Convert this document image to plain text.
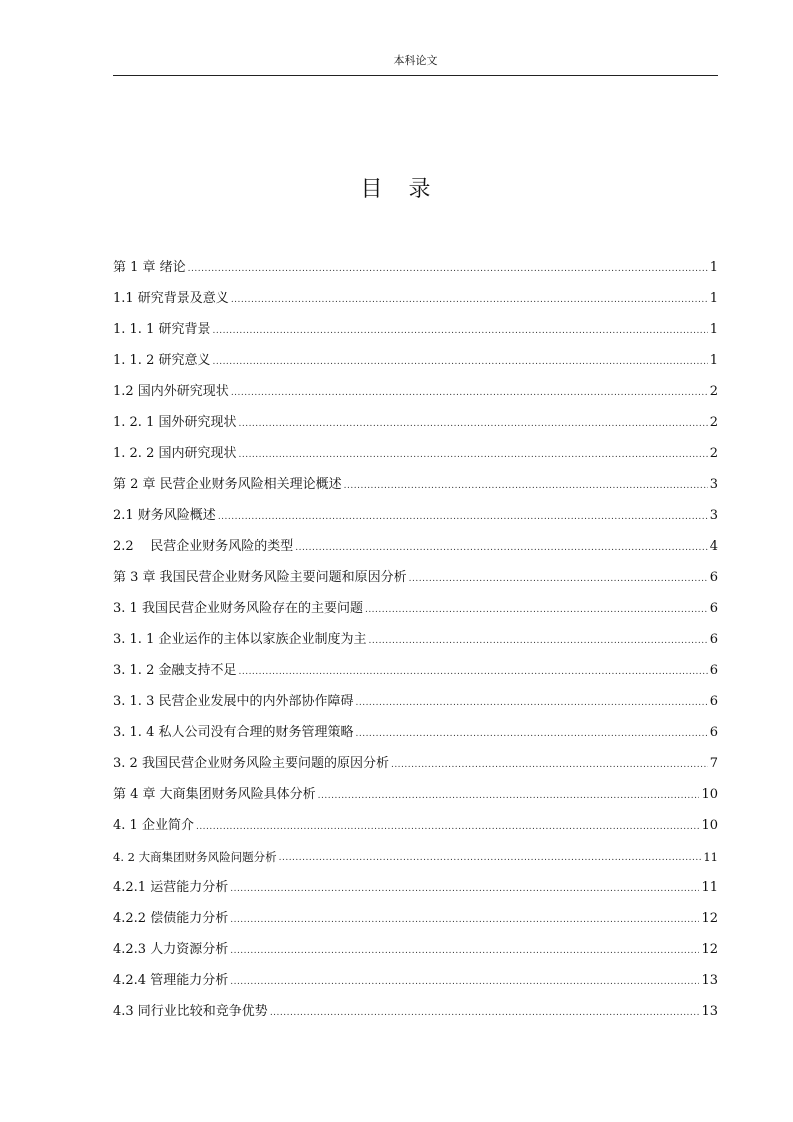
本科论文
目　录
第 1 章 绪论 .....	1
1.1 研究背景及意义 .....	1
1. 1. 1 研究背景 .....	1
1. 1. 2 研究意义 .....	1
1.2 国内外研究现状 .....	2
1. 2. 1 国外研究现状 .....	2
1. 2. 2 国内研究现状 .....	2
第 2 章 民营企业财务风险相关理论概述 .....	3
2.1 财务风险概述 .....	3
2.2    民营企业财务风险的类型 .....	4
第 3 章 我国民营企业财务风险主要问题和原因分析 .....	6
3. 1 我国民营企业财务风险存在的主要问题 .....	6
3. 1. 1 企业运作的主体以家族企业制度为主 .....	6
3. 1. 2 金融支持不足 .....	6
3. 1. 3 民营企业发展中的内外部协作障碍 .....	6
3. 1. 4 私人公司没有合理的财务管理策略 .....	6
3. 2 我国民营企业财务风险主要问题的原因分析 .....	7
第 4 章 大商集团财务风险具体分析 .....	10
4. 1 企业简介 .....	10
4. 2 大商集团财务风险问题分析 .....	11
4.2.1 运营能力分析 .....	11
4.2.2 偿债能力分析 .....	12
4.2.3 人力资源分析 .....	12
4.2.4 管理能力分析 .....	13
4.3 同行业比较和竞争优势 .....	13
